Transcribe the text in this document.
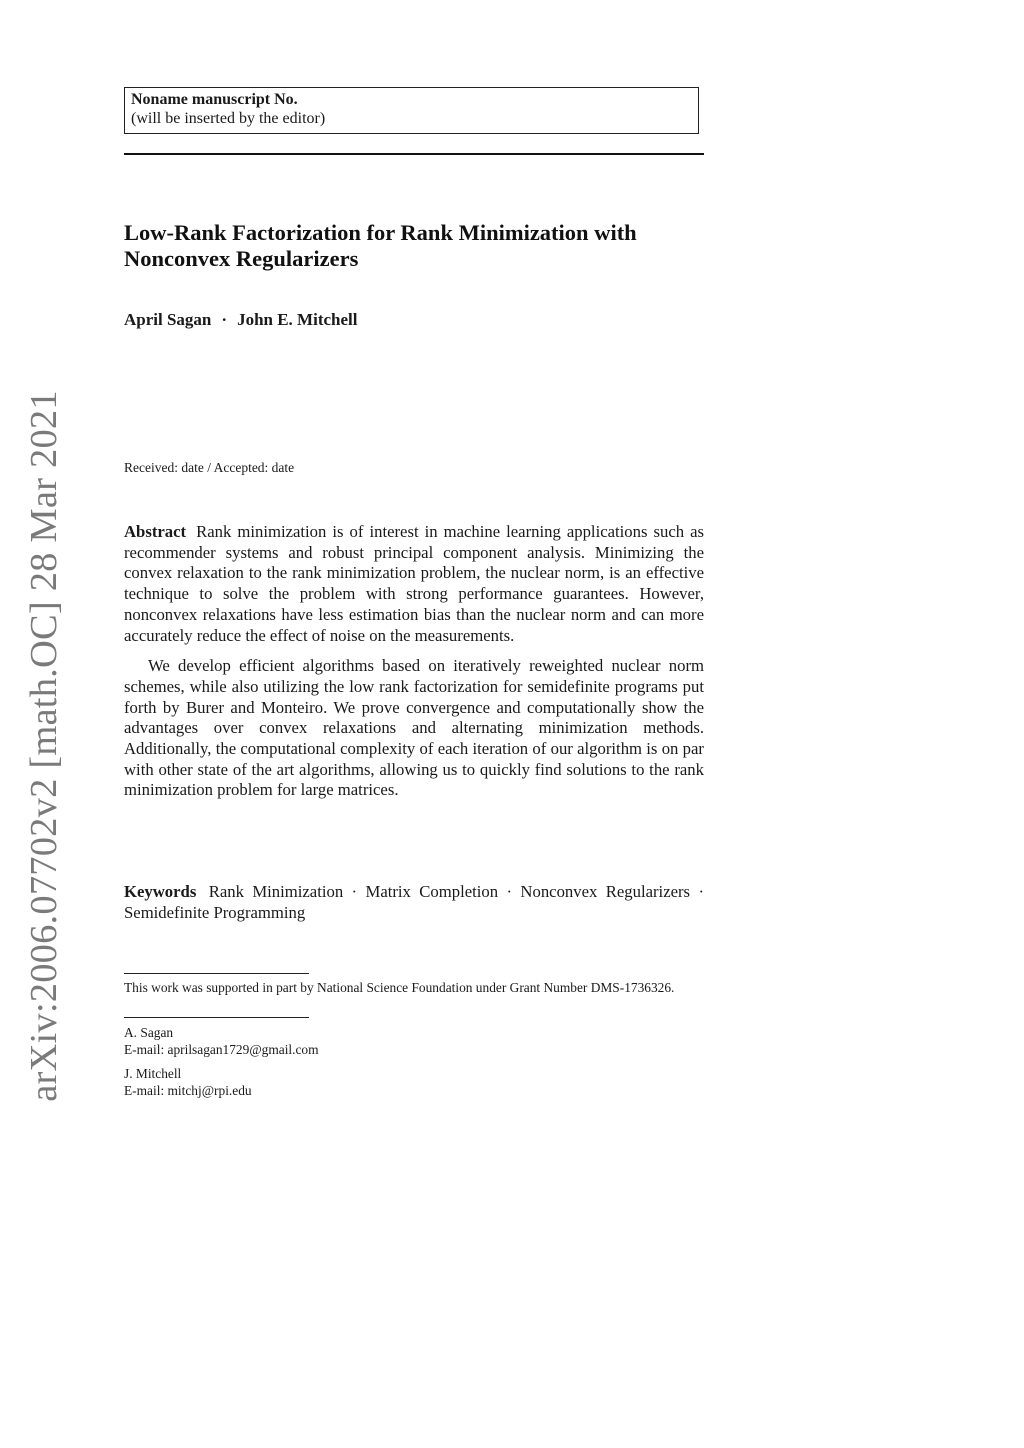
arXiv:2006.07702v2 [math.OC] 28 Mar 2021
Noname manuscript No.
(will be inserted by the editor)
Low-Rank Factorization for Rank Minimization with
Nonconvex Regularizers
April Sagan · John E. Mitchell
Received: date / Accepted: date

Abstract Rank minimization is of interest in machine learning applications such as recommender systems and robust principal component analysis. Minimizing the convex relaxation to the rank minimization problem, the nuclear norm, is an effective technique to solve the problem with strong performance guarantees. However, nonconvex relaxations have less estimation bias than the nuclear norm and can more accurately reduce the effect of noise on the measurements.

We develop efficient algorithms based on iteratively reweighted nuclear norm schemes, while also utilizing the low rank factorization for semidefinite programs put forth by Burer and Monteiro. We prove convergence and computationally show the advantages over convex relaxations and alternating minimization methods. Additionally, the computational complexity of each iteration of our algorithm is on par with other state of the art algorithms, allowing us to quickly find solutions to the rank minimization problem for large matrices.

Keywords Rank Minimization · Matrix Completion · Nonconvex Regularizers · Semidefinite Programming
This work was supported in part by National Science Foundation under Grant Number DMS-1736326.
A. Sagan
E-mail: aprilsagan1729@gmail.com
J. Mitchell
E-mail: mitchj@rpi.edu
